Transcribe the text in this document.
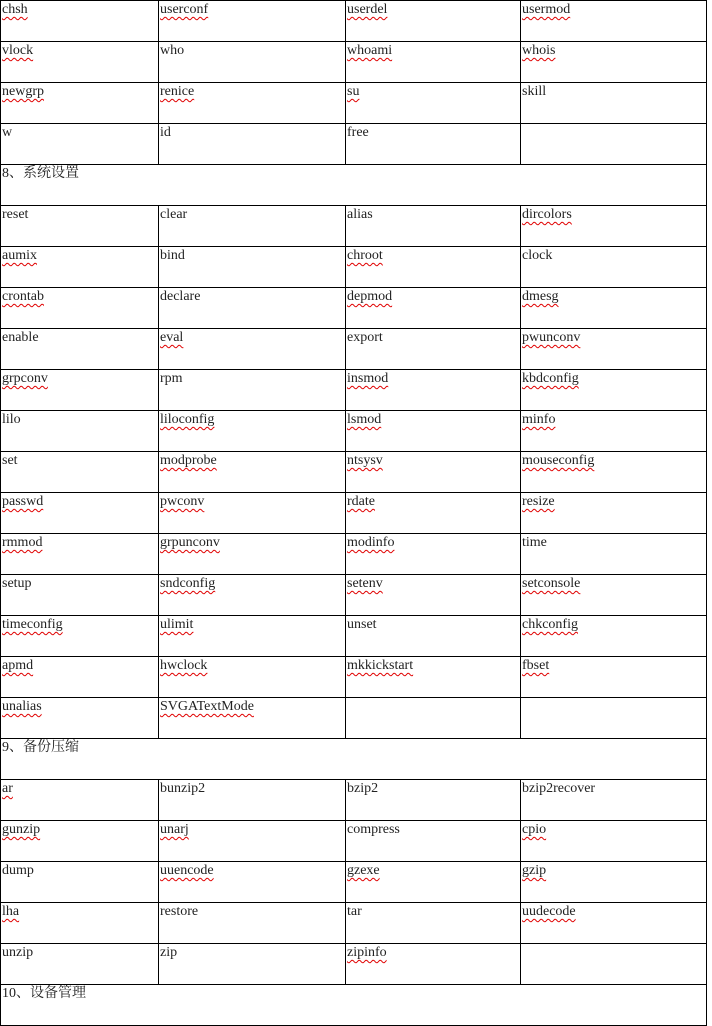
chsh	userconf	userdel	usermod
vlock	who	whoami	whois
newgrp	renice	su	skill
w	id	free	
8、系统设置			
reset	clear	alias	dircolors
aumix	bind	chroot	clock
crontab	declare	depmod	dmesg
enable	eval	export	pwunconv
grpconv	rpm	insmod	kbdconfig
lilo	liloconfig	lsmod	minfo
set	modprobe	ntsysv	mouseconfig
passwd	pwconv	rdate	resize
rmmod	grpunconv	modinfo	time
setup	sndconfig	setenv	setconsole
timeconfig	ulimit	unset	chkconfig
apmd	hwclock	mkkickstart	fbset
unalias	SVGATextMode		
9、备份压缩			
ar	bunzip2	bzip2	bzip2recover
gunzip	unarj	compress	cpio
dump	uuencode	gzexe	gzip
lha	restore	tar	uudecode
unzip	zip	zipinfo	
10、设备管理			
